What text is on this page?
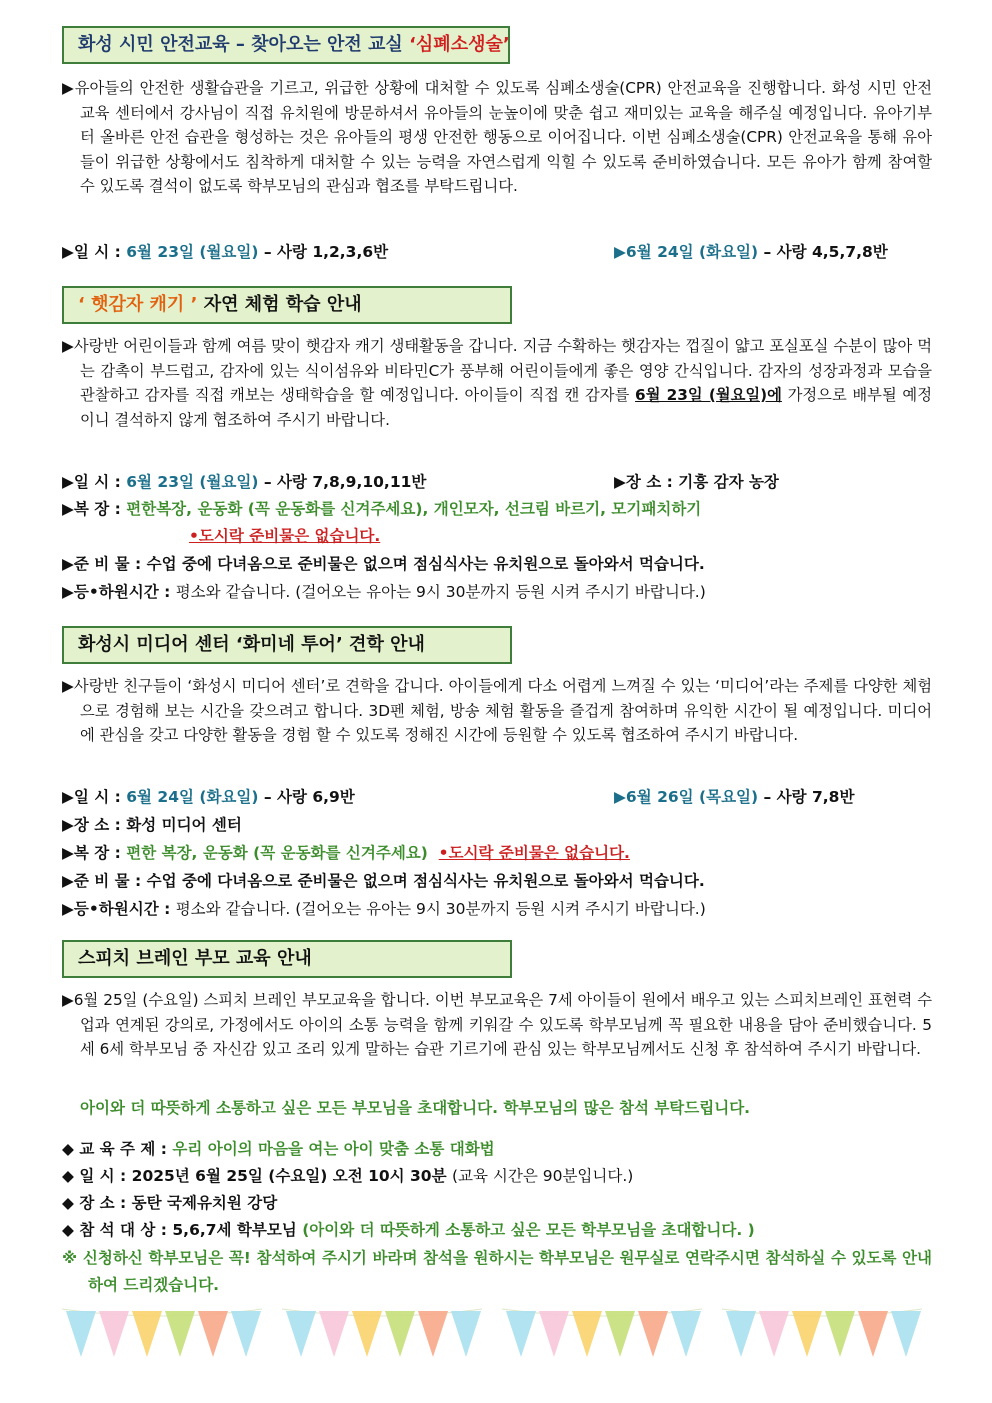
화성 시민 안전교육 – 찾아오는 안전 교실 ‘심폐소생술’
▶유아들의 안전한 생활습관을 기르고, 위급한 상황에 대처할 수 있도록 심폐소생술(CPR) 안전교육을 진행합니다. 화성 시민 안전교육 센터에서 강사님이 직접 유치원에 방문하셔서 유아들의 눈높이에 맞춘 쉽고 재미있는 교육을 해주실 예정입니다. 유아기부터 올바른 안전 습관을 형성하는 것은 유아들의 평생 안전한 행동으로 이어집니다. 이번 심폐소생술(CPR) 안전교육을 통해 유아들이 위급한 상황에서도 침착하게 대처할 수 있는 능력을 자연스럽게 익힐 수 있도록 준비하였습니다. 모든 유아가 함께 참여할 수 있도록 결석이 없도록 학부모님의 관심과 협조를 부탁드립니다.
▶일 시 : 6월 23일 (월요일) – 사랑 1,2,3,6반	▶6월 24일 (화요일) – 사랑 4,5,7,8반
‘ 햇감자 캐기 ’ 자연 체험 학습 안내
▶사랑반 어린이들과 함께 여름 맞이 햇감자 캐기 생태활동을 갑니다. 지금 수확하는 햇감자는 껍질이 얇고 포실포실 수분이 많아 먹는 감촉이 부드럽고, 감자에 있는 식이섬유와 비타민C가 풍부해 어린이들에게 좋은 영양 간식입니다. 감자의 성장과정과 모습을 관찰하고 감자를 직접 캐보는 생태학습을 할 예정입니다. 아이들이 직접 캔 감자를 6월 23일 (월요일)에 가정으로 배부될 예정이니 결석하지 않게 협조하여 주시기 바랍니다.
▶일 시 : 6월 23일 (월요일) – 사랑 7,8,9,10,11반	▶장 소 : 기흥 감자 농장
▶복 장 : 편한복장, 운동화 (꼭 운동화를 신겨주세요), 개인모자, 선크림 바르기, 모기패치하기
•도시락 준비물은 없습니다.
▶준 비 물 : 수업 중에 다녀옴으로 준비물은 없으며 점심식사는 유치원으로 돌아와서 먹습니다.
▶등•하원시간 : 평소와 같습니다. (걸어오는 유아는 9시 30분까지 등원 시켜 주시기 바랍니다.)
화성시 미디어 센터 ‘화미네 투어’ 견학 안내
▶사랑반 친구들이 ‘화성시 미디어 센터’로 견학을 갑니다. 아이들에게 다소 어렵게 느껴질 수 있는 ‘미디어’라는 주제를 다양한 체험으로 경험해 보는 시간을 갖으려고 합니다. 3D펜 체험, 방송 체험 활동을 즐겁게 참여하며 유익한 시간이 될 예정입니다. 미디어에 관심을 갖고 다양한 활동을 경험 할 수 있도록 정해진 시간에 등원할 수 있도록 협조하여 주시기 바랍니다.
▶일 시 : 6월 24일 (화요일) – 사랑 6,9반	▶6월 26일 (목요일) – 사랑 7,8반
▶장 소 : 화성 미디어 센터
▶복 장 : 편한 복장, 운동화 (꼭 운동화를 신겨주세요) •도시락 준비물은 없습니다.
▶준 비 물 : 수업 중에 다녀옴으로 준비물은 없으며 점심식사는 유치원으로 돌아와서 먹습니다.
▶등•하원시간 : 평소와 같습니다. (걸어오는 유아는 9시 30분까지 등원 시켜 주시기 바랍니다.)
스피치 브레인 부모 교육 안내
▶6월 25일 (수요일) 스피치 브레인 부모교육을 합니다. 이번 부모교육은 7세 아이들이 원에서 배우고 있는 스피치브레인 표현력 수업과 연계된 강의로, 가정에서도 아이의 소통 능력을 함께 키워갈 수 있도록 학부모님께 꼭 필요한 내용을 담아 준비했습니다. 5세 6세 학부모님 중 자신감 있고 조리 있게 말하는 습관 기르기에 관심 있는 학부모님께서도 신청 후 참석하여 주시기 바랍니다.
아이와 더 따뜻하게 소통하고 싶은 모든 부모님을 초대합니다. 학부모님의 많은 참석 부탁드립니다.
◆ 교 육 주 제 : 우리 아이의 마음을 여는 아이 맞춤 소통 대화법
◆ 일 시 : 2025년 6월 25일 (수요일) 오전 10시 30분 (교육 시간은 90분입니다.)
◆ 장 소 : 동탄 국제유치원 강당
◆ 참 석 대 상 : 5,6,7세 학부모님 (아이와 더 따뜻하게 소통하고 싶은 모든 학부모님을 초대합니다. )
※ 신청하신 학부모님은 꼭! 참석하여 주시기 바라며 참석을 원하시는 학부모님은 원무실로 연락주시면 참석하실 수 있도록 안내하여 드리겠습니다.
